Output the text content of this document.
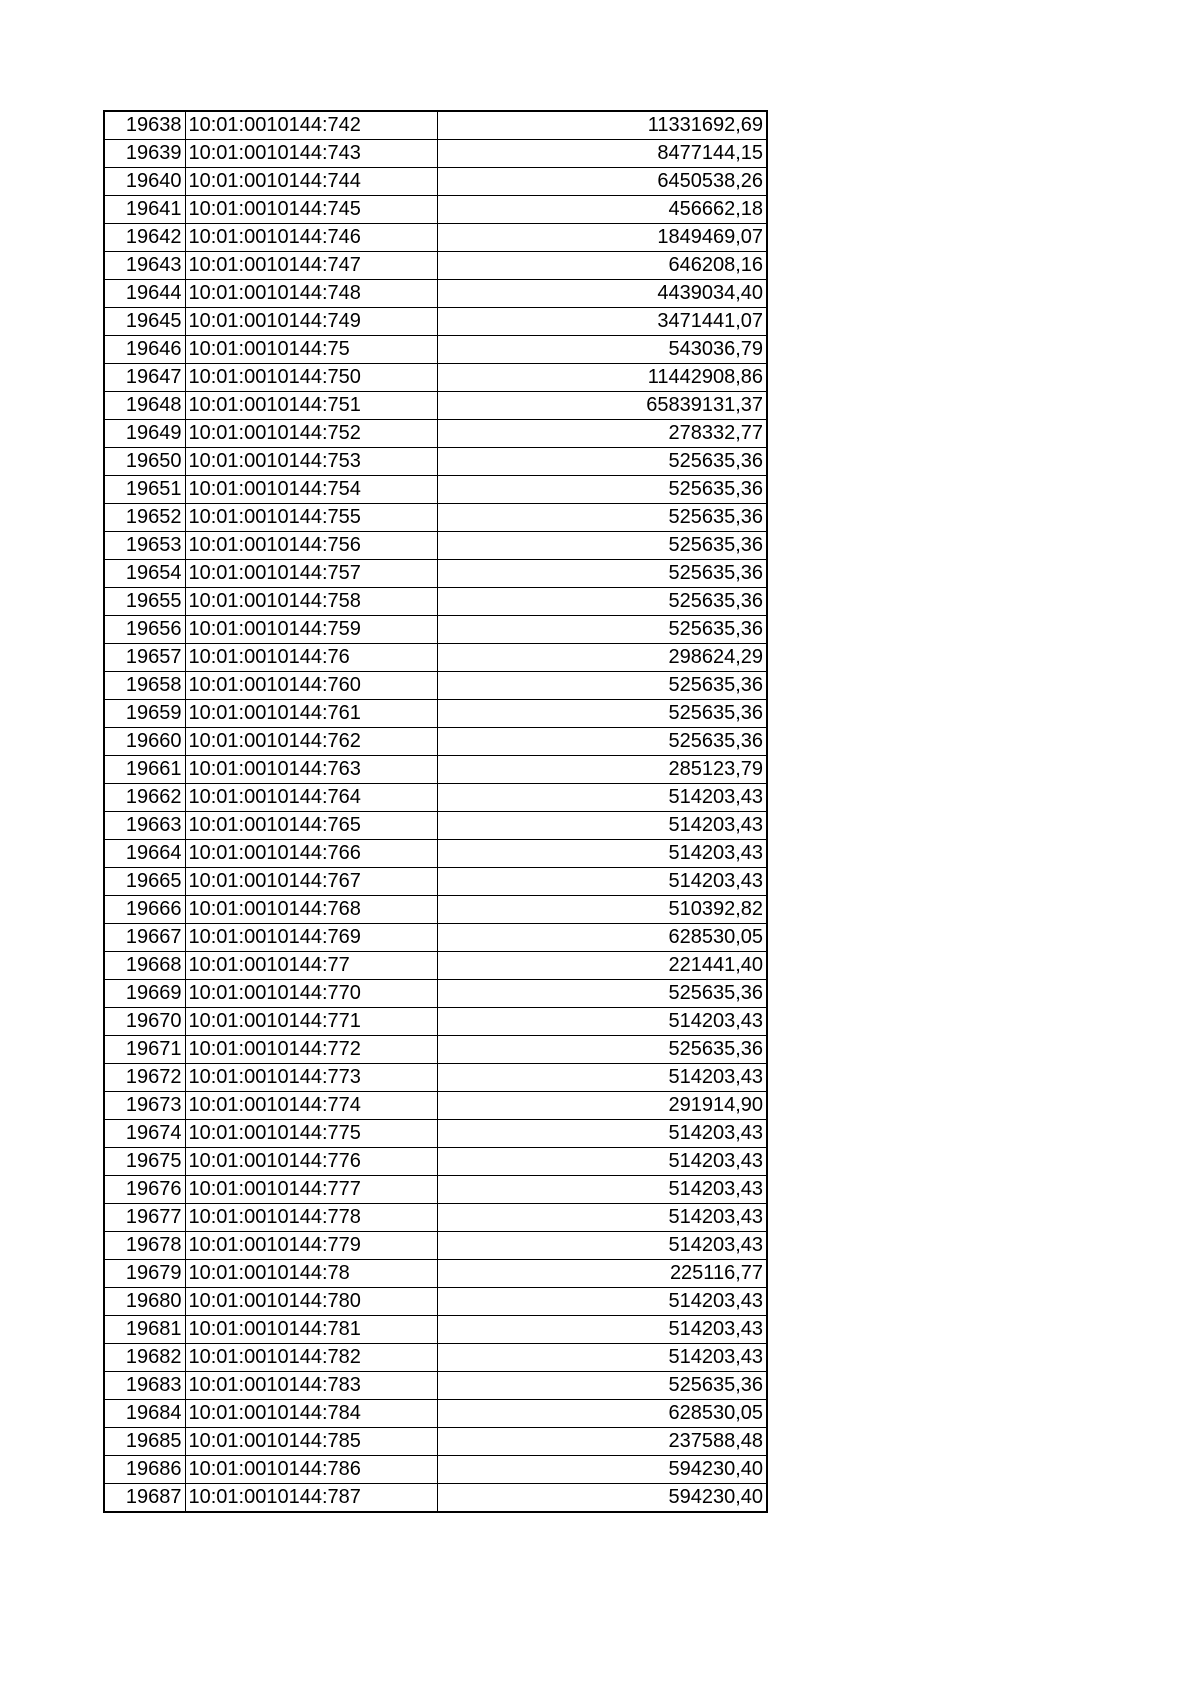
19638	10:01:0010144:742	11331692,69
19639	10:01:0010144:743	8477144,15
19640	10:01:0010144:744	6450538,26
19641	10:01:0010144:745	456662,18
19642	10:01:0010144:746	1849469,07
19643	10:01:0010144:747	646208,16
19644	10:01:0010144:748	4439034,40
19645	10:01:0010144:749	3471441,07
19646	10:01:0010144:75	543036,79
19647	10:01:0010144:750	11442908,86
19648	10:01:0010144:751	65839131,37
19649	10:01:0010144:752	278332,77
19650	10:01:0010144:753	525635,36
19651	10:01:0010144:754	525635,36
19652	10:01:0010144:755	525635,36
19653	10:01:0010144:756	525635,36
19654	10:01:0010144:757	525635,36
19655	10:01:0010144:758	525635,36
19656	10:01:0010144:759	525635,36
19657	10:01:0010144:76	298624,29
19658	10:01:0010144:760	525635,36
19659	10:01:0010144:761	525635,36
19660	10:01:0010144:762	525635,36
19661	10:01:0010144:763	285123,79
19662	10:01:0010144:764	514203,43
19663	10:01:0010144:765	514203,43
19664	10:01:0010144:766	514203,43
19665	10:01:0010144:767	514203,43
19666	10:01:0010144:768	510392,82
19667	10:01:0010144:769	628530,05
19668	10:01:0010144:77	221441,40
19669	10:01:0010144:770	525635,36
19670	10:01:0010144:771	514203,43
19671	10:01:0010144:772	525635,36
19672	10:01:0010144:773	514203,43
19673	10:01:0010144:774	291914,90
19674	10:01:0010144:775	514203,43
19675	10:01:0010144:776	514203,43
19676	10:01:0010144:777	514203,43
19677	10:01:0010144:778	514203,43
19678	10:01:0010144:779	514203,43
19679	10:01:0010144:78	225116,77
19680	10:01:0010144:780	514203,43
19681	10:01:0010144:781	514203,43
19682	10:01:0010144:782	514203,43
19683	10:01:0010144:783	525635,36
19684	10:01:0010144:784	628530,05
19685	10:01:0010144:785	237588,48
19686	10:01:0010144:786	594230,40
19687	10:01:0010144:787	594230,40
